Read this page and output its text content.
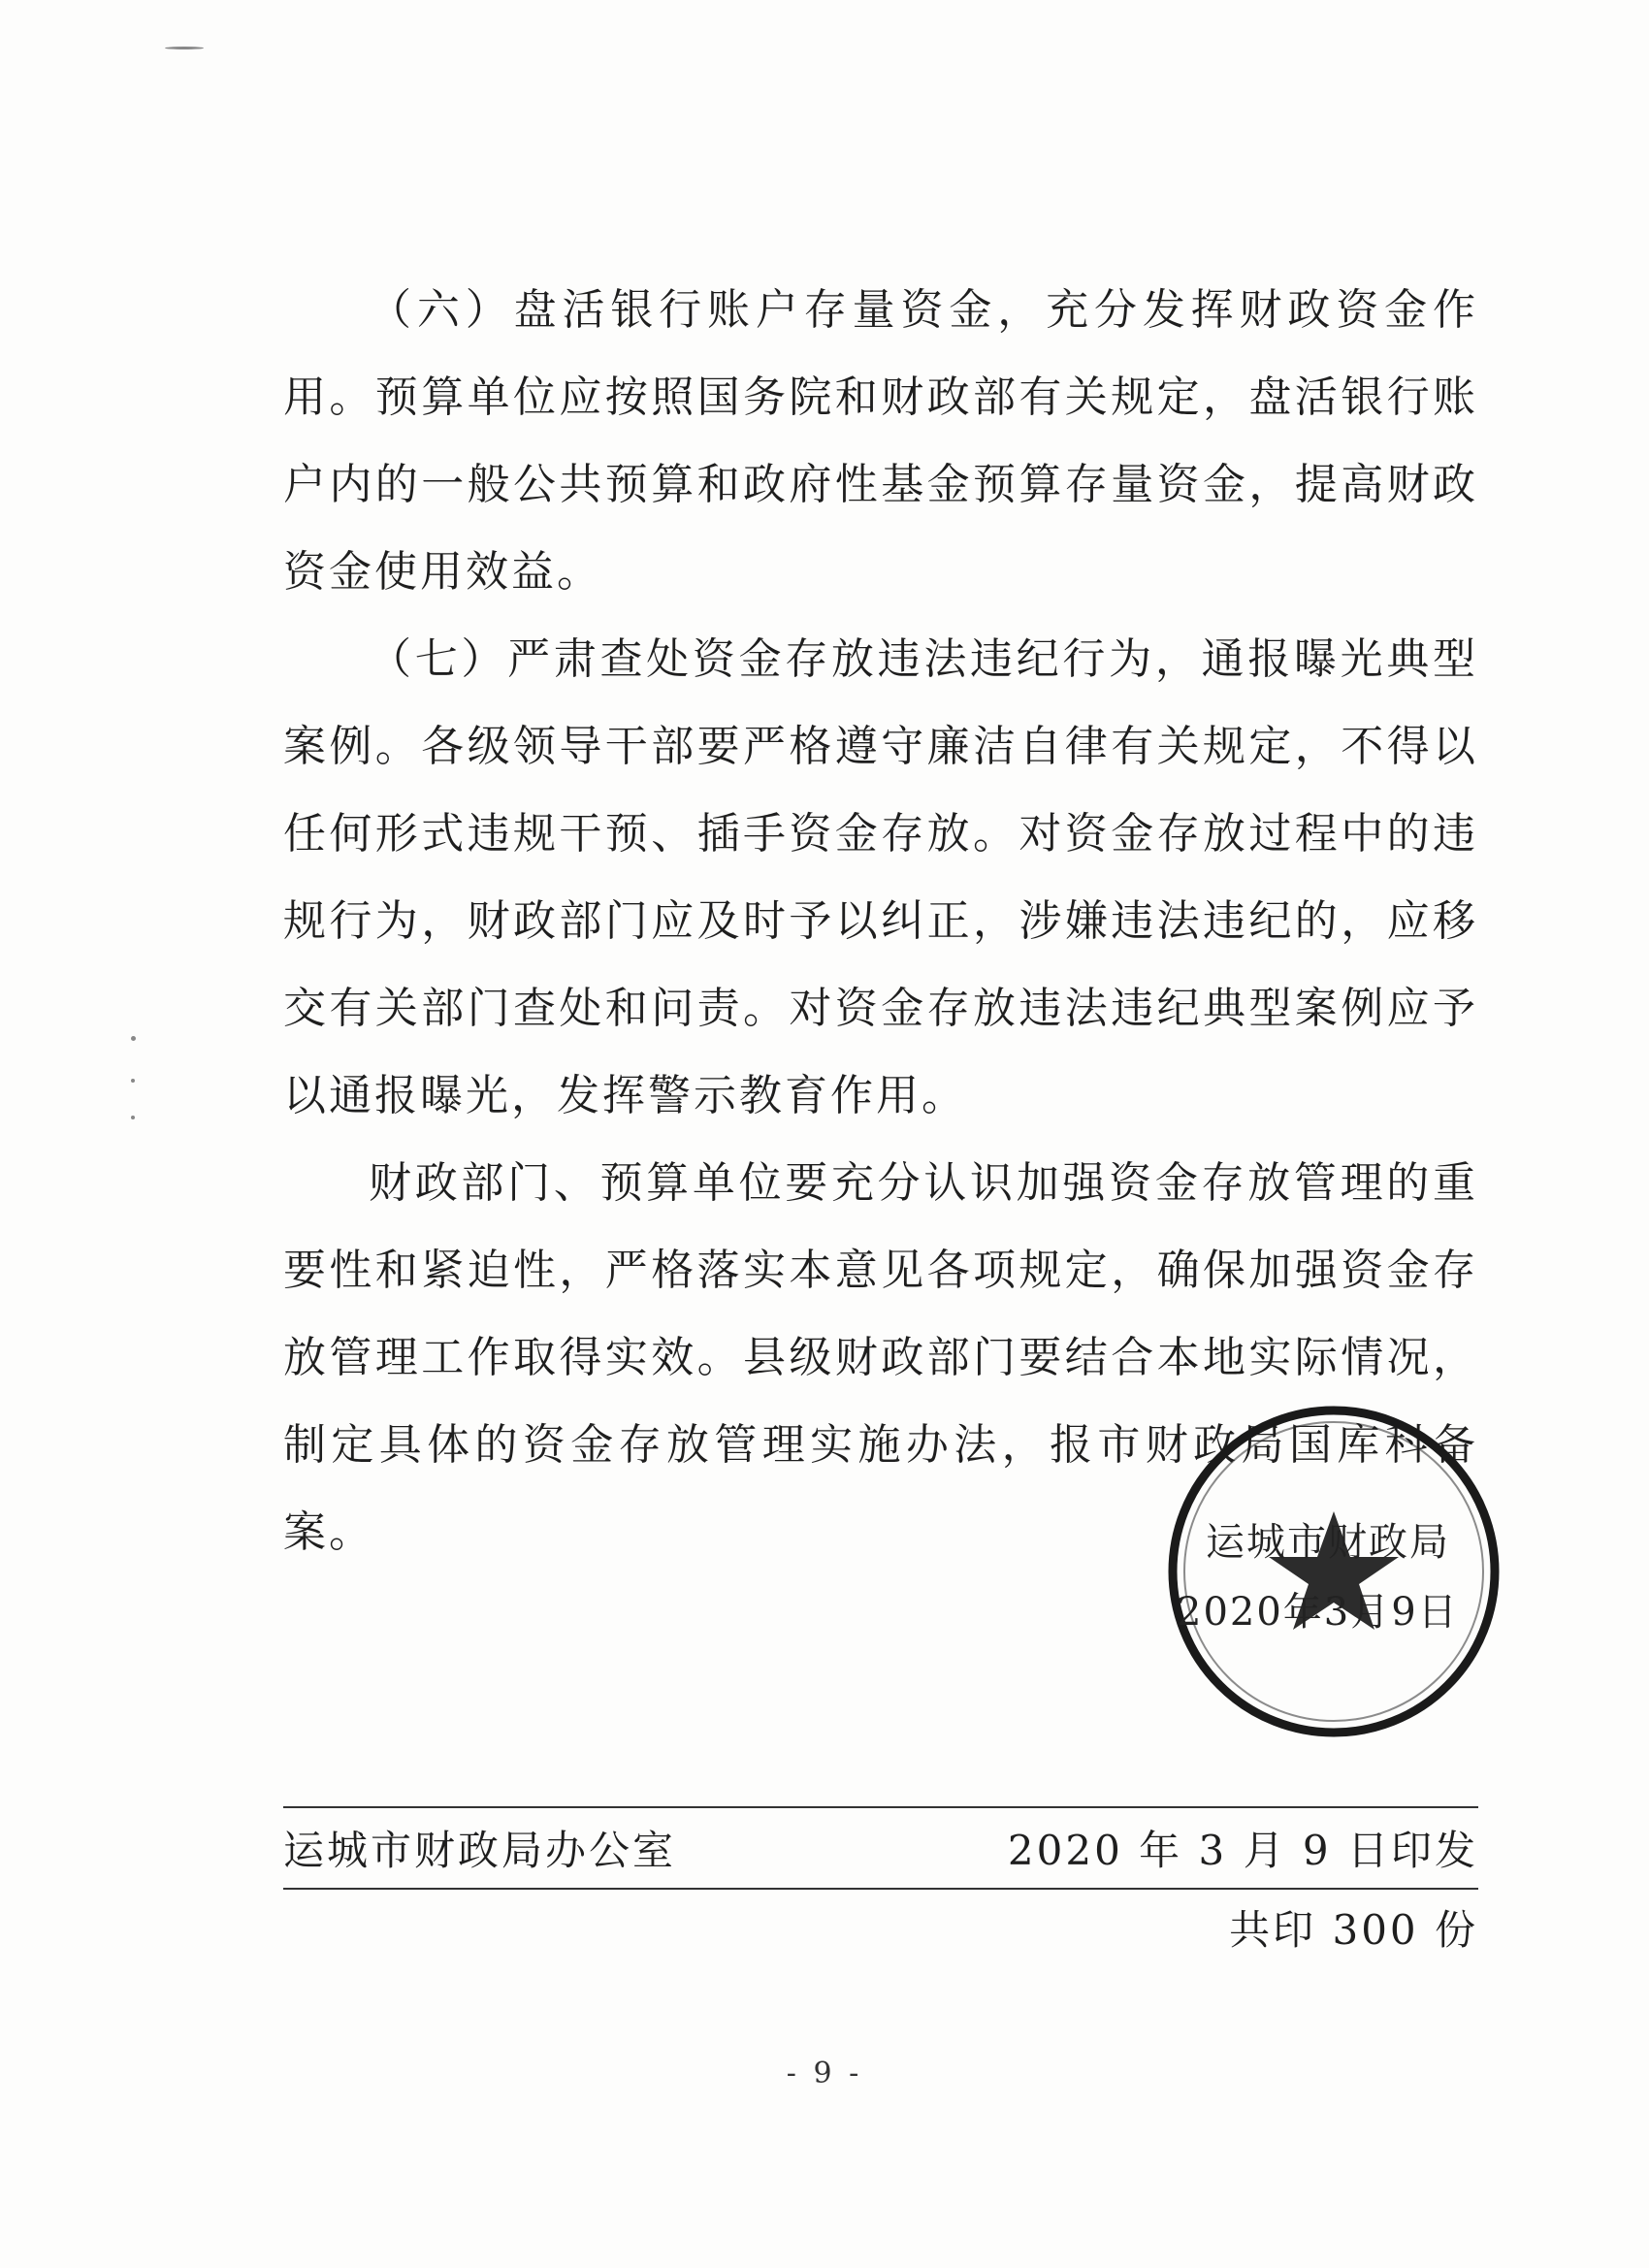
（六）盘活银行账户存量资金，充分发挥财政资金作用。预算单位应按照国务院和财政部有关规定，盘活银行账户内的一般公共预算和政府性基金预算存量资金，提高财政资金使用效益。

（七）严肃查处资金存放违法违纪行为，通报曝光典型案例。各级领导干部要严格遵守廉洁自律有关规定，不得以任何形式违规干预、插手资金存放。对资金存放过程中的违规行为，财政部门应及时予以纠正，涉嫌违法违纪的，应移交有关部门查处和问责。对资金存放违法违纪典型案例应予以通报曝光，发挥警示教育作用。

财政部门、预算单位要充分认识加强资金存放管理的重要性和紧迫性，严格落实本意见各项规定，确保加强资金存放管理工作取得实效。县级财政部门要结合本地实际情况，制定具体的资金存放管理实施办法，报市财政局国库科备案。	运城市财政局
2020年3月9日
运城市财政局办公室	2020 年 3 月 9 日印发
共印 300 份
- 9 -
